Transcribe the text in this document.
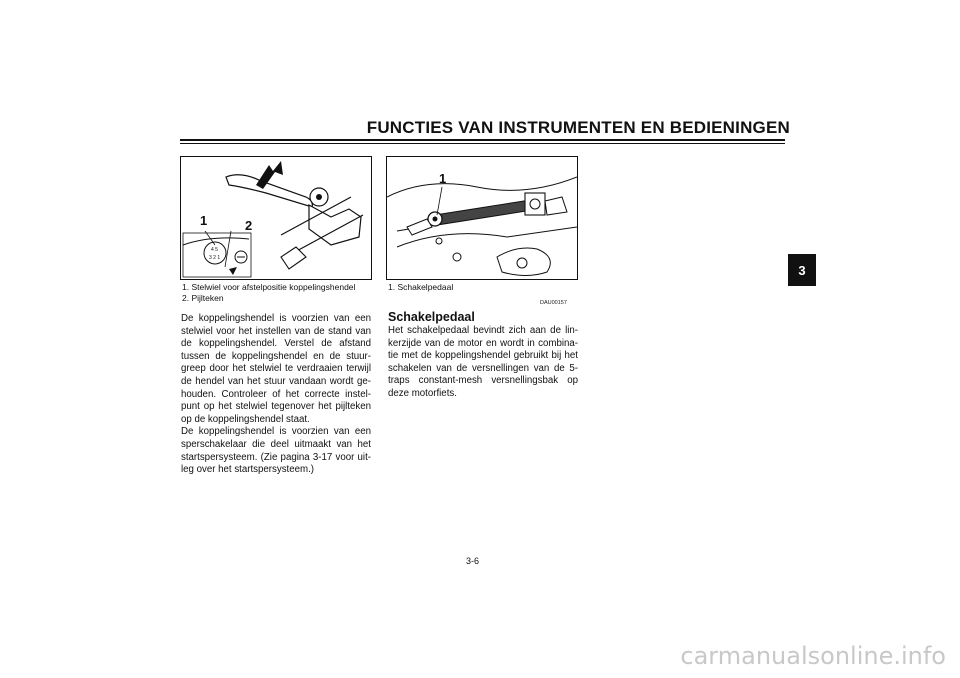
FUNCTIES VAN INSTRUMENTEN EN BEDIENINGEN
3
4 5
3 2 1
1	2
1. Stelwiel voor afstelpositie koppelingshendel
2. Pijlteken
1
1. Schakelpedaal
DAU00157

De koppelingshendel is voorzien van een stelwiel voor het instellen van de stand van de koppelingshendel. Verstel de afstand tussen de koppelingshendel en de stuur-greep door het stelwiel te verdraaien terwijl de hendel van het stuur vandaan wordt ge-houden. Controleer of het correcte instel-punt op het stelwiel tegenover het pijlteken op de koppelingshendel staat.

De koppelingshendel is voorzien van een sperschakelaar die deel uitmaakt van het startspersysteem. (Zie pagina 3-17 voor uit-leg over het startspersysteem.)

Schakelpedaal

Het schakelpedaal bevindt zich aan de lin-kerzijde van de motor en wordt in combina-tie met de koppelingshendel gebruikt bij het schakelen van de versnellingen van de 5-traps constant-mesh versnellingsbak op deze motorfiets.

3-6
carmanualsonline.info
